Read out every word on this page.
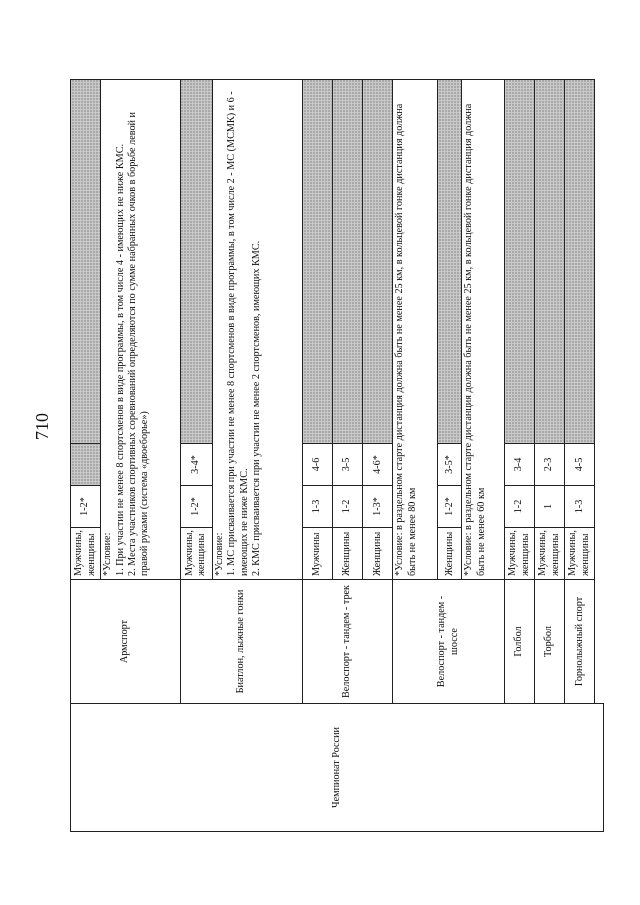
710
Чемпионат России	Армспорт	Мужчины, женщины	1-2*			

		*Условие: 1. При участии не менее 8 спортсменов в виде программы, в том числе 4 - имеющих не ниже КМС. 2. Места участников спортивных соревнований определяются по сумме набранных очков в борьбе левой и правой руками (система «двоеборье»)				

	Биатлон, лыжные гонки	Мужчины, женщины	1-2*	3-4*		

		*Условие: 1. МС присваивается при участии не менее 8 спортсменов в виде программы, в том числе 2 - МС (МСМК) и 6 - имеющих не ниже КМС. 2. КМС присваивается при участии не менее 2 спортсменов, имеющих КМС.				

	Велоспорт - тандем - трек	Мужчины	1-3	4-6		
		Женщины	1-2	3-5		
		Женщины	1-3*	4-6*		
	Велоспорт - тандем - шоссе	*Условие: в раздельном старте дистанция должна быть не менее 25 км, в кольцевой гонке дистанция должна быть не менее 80 км				

		Женщины	1-2*	3-5*		

		*Условие: в раздельном старте дистанция должна быть не менее 25 км, в кольцевой гонке дистанция должна быть не менее 60 км				

	Голбол	Мужчины, женщины	1-2	3-4		
	Торбол	Мужчины, женщины	1	2-3		
	Горнолыжный спорт	Мужчины, женщины	1-3	4-5		
